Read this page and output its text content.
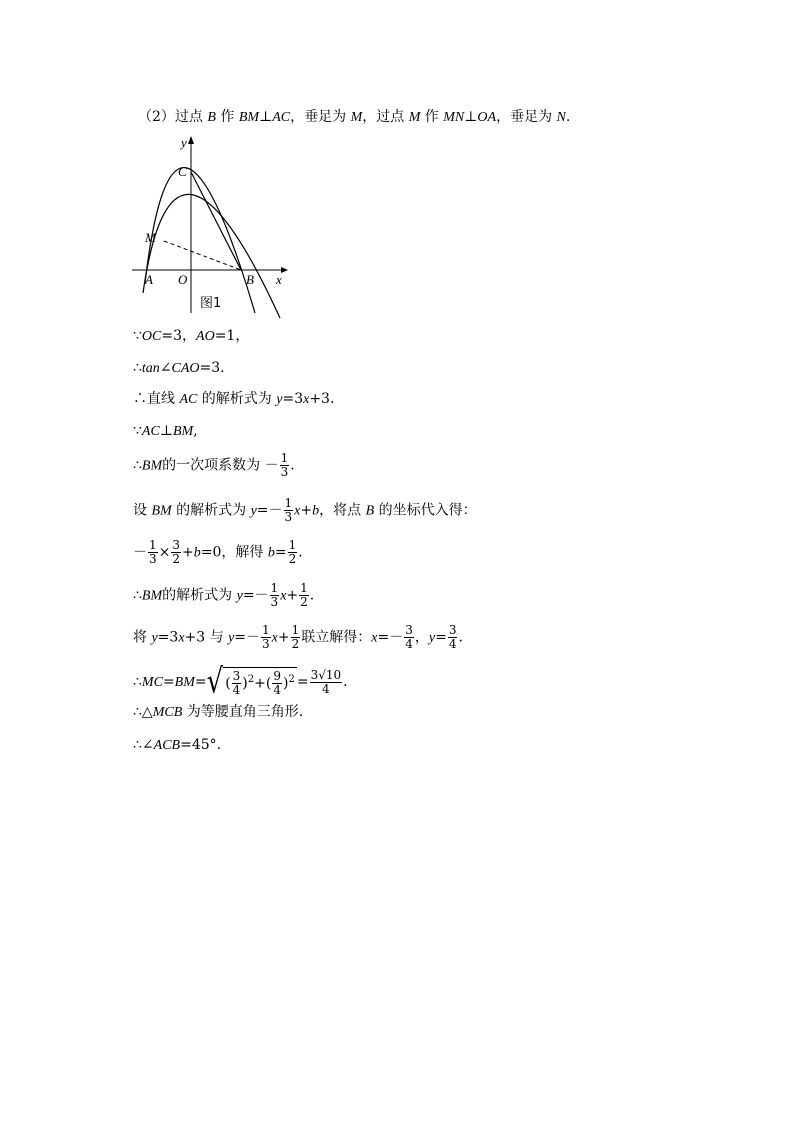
（2）过点 B 作 BM⊥AC，垂足为 M，过点 M 作 MN⊥OA，垂足为 N.
y
C
M
A O	B x
图1
∵OC=3，AO=1，
∴tan∠CAO=3.
∴直线 AC 的解析式为 y=3x+3.
∵AC⊥BM,
∴BM的一次项系数为 － $\frac{1}{3}$ .
设 BM 的解析式为 $y=- \frac{1}{3} x+b$，将点 B 的坐标代入得：
－ $\frac{1}{3} \times \frac{3}{2} +b=0$，解得 $b= \frac{1}{2}$ .
∴BM的解析式为 $y=- \frac{1}{3} x+ \frac{1}{2}$ .
将 y=3x+3 与 $y=- \frac{1}{3} x+ \frac{1}{2}$ 联立解得：$x=- \frac{3}{4}$ ，$y= \frac{3}{4}$ .
∴MC=BM=√ ( $\frac{3}{4} )^2+( \frac{9}{4} )^2 = \frac{3√10}{4}$ .
∴△MCB 为等腰直角三角形.
∴∠ACB=45°.
